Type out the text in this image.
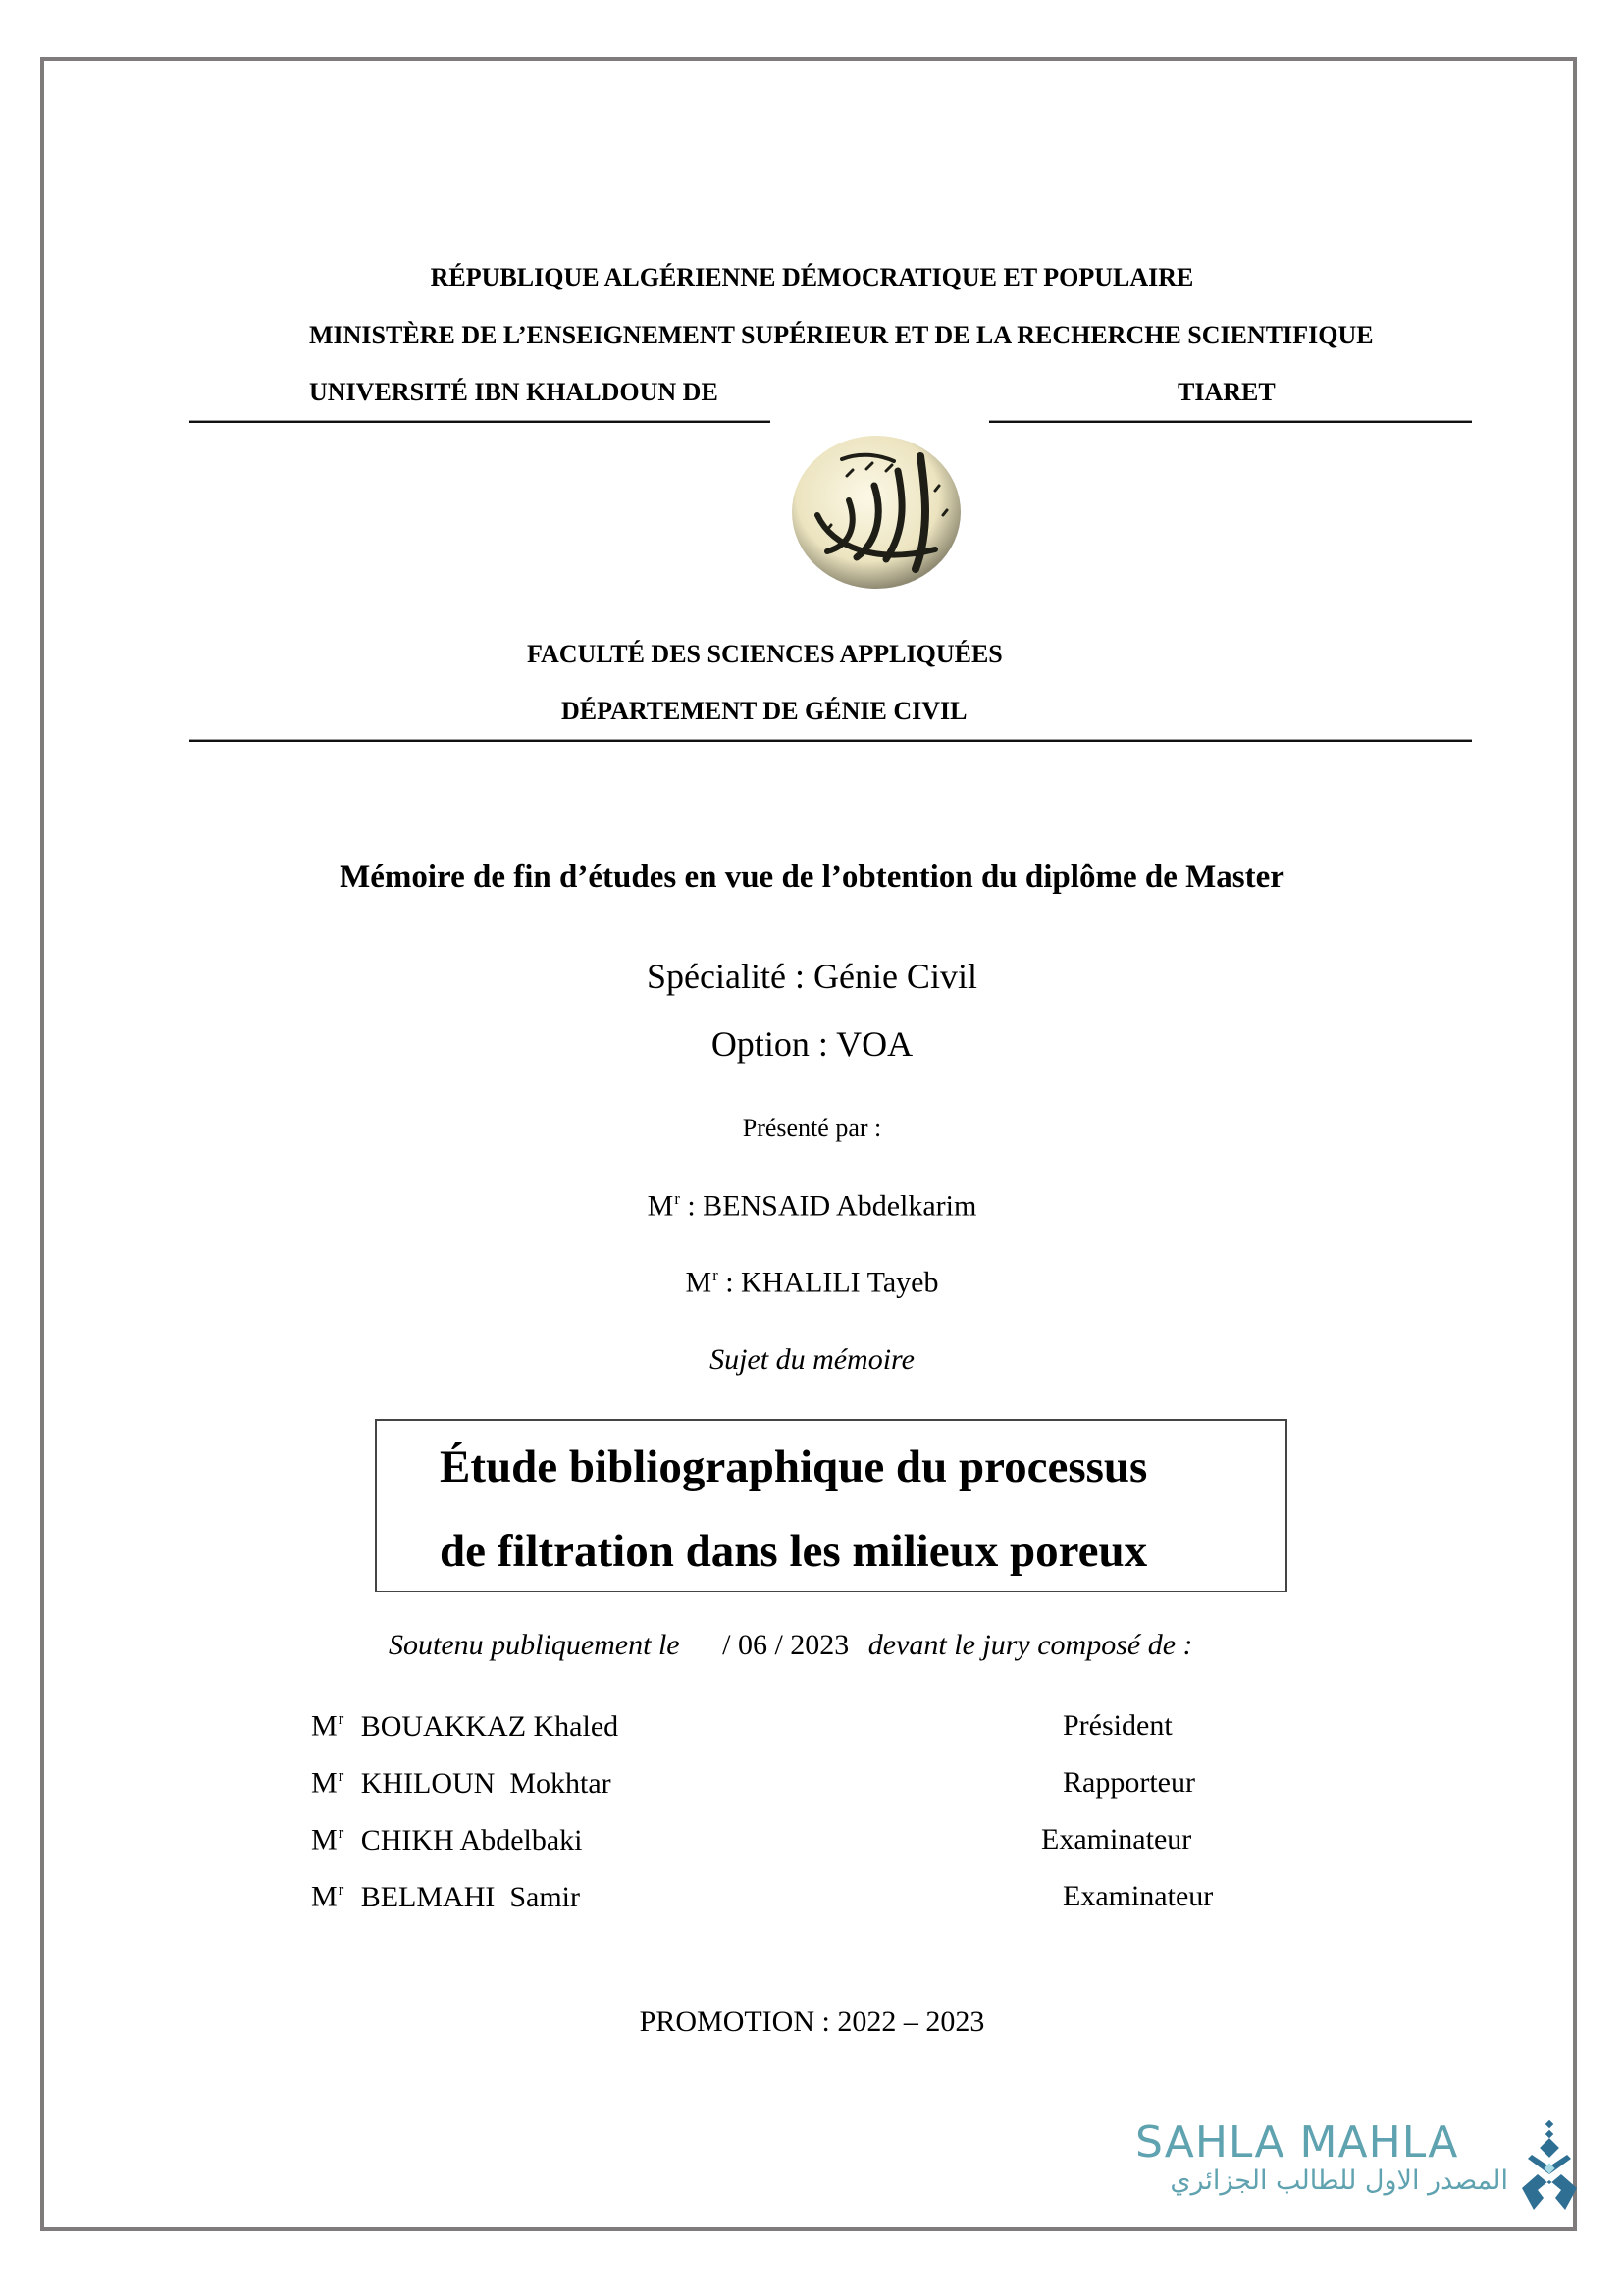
RÉPUBLIQUE ALGÉRIENNE DÉMOCRATIQUE ET POPULAIRE
MINISTÈRE DE L’ENSEIGNEMENT SUPÉRIEUR ET DE LA RECHERCHE SCIENTIFIQUE
UNIVERSITÉ IBN KHALDOUN DE	TIARET
FACULTÉ DES SCIENCES APPLIQUÉES
DÉPARTEMENT DE GÉNIE CIVIL
Mémoire de fin d’études en vue de l’obtention du diplôme de Master
Spécialité : Génie Civil
Option : VOA
Présenté par :
$M^r$ : BENSAID Abdelkarim
$M^r$ : KHALILI Tayeb
Sujet du mémoire
Étude bibliographique du processus
de filtration dans les milieux poreux
Soutenu publiquement le / 06 / 2023 devant le jury composé de :
$M^r$ BOUAKKAZ Khaled	Président
$M^r$ KHILOUN  Mokhtar	Rapporteur
$M^r$ CHIKH Abdelbaki	Examinateur
$M^r$ BELMAHI  Samir	Examinateur
PROMOTION : 2022 – 2023
SAHLA MAHLA
المصدر الاول للطالب الجزائري
